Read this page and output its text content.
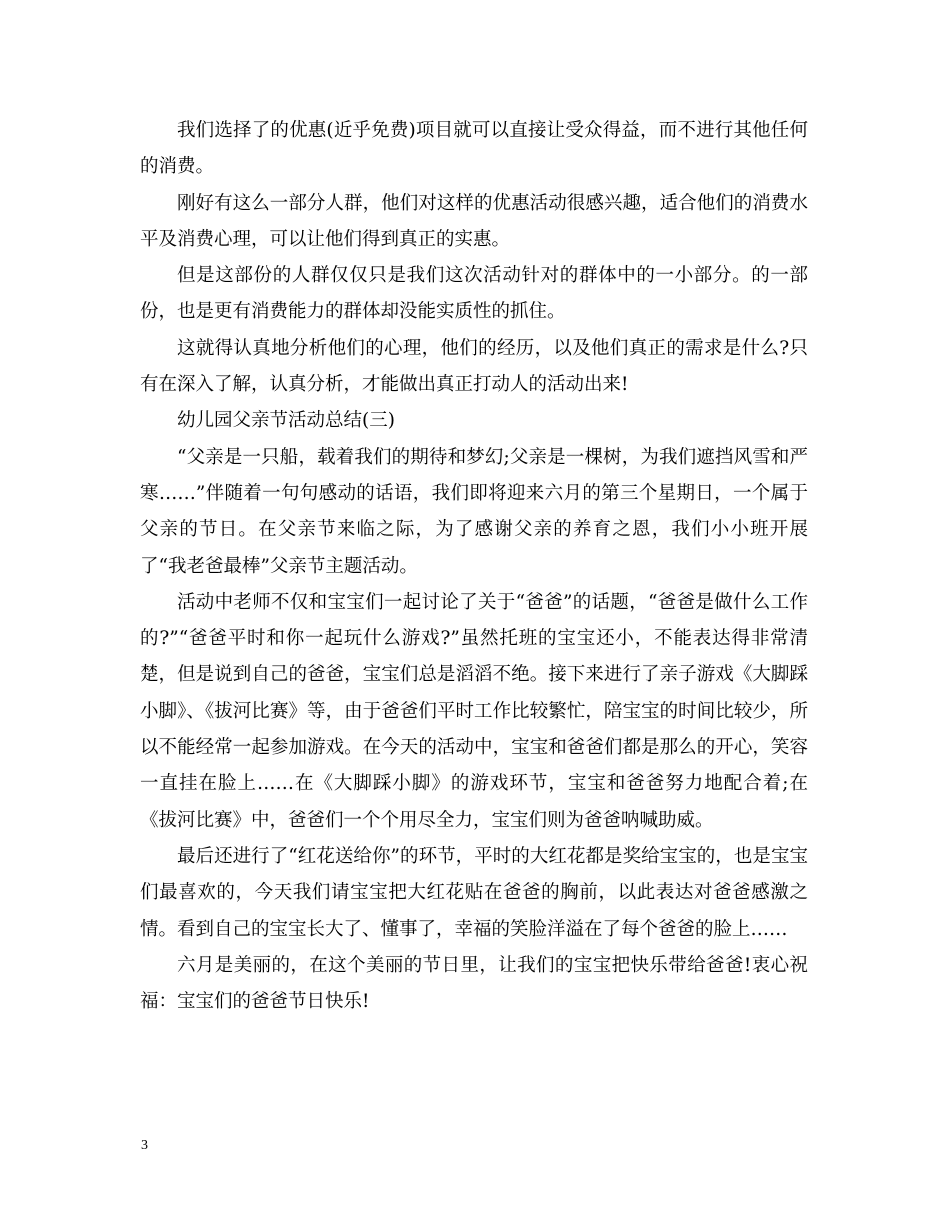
我们选择了的优惠(近乎免费)项目就可以直接让受众得益，而不进行其他任何的消费。

刚好有这么一部分人群，他们对这样的优惠活动很感兴趣，适合他们的消费水平及消费心理，可以让他们得到真正的实惠。

但是这部份的人群仅仅只是我们这次活动针对的群体中的一小部分。的一部份，也是更有消费能力的群体却没能实质性的抓住。

这就得认真地分析他们的心理，他们的经历，以及他们真正的需求是什么?只有在深入了解，认真分析，才能做出真正打动人的活动出来!

幼儿园父亲节活动总结(三)

“父亲是一只船，载着我们的期待和梦幻;父亲是一棵树，为我们遮挡风雪和严寒……”伴随着一句句感动的话语，我们即将迎来六月的第三个星期日，一个属于父亲的节日。在父亲节来临之际，为了感谢父亲的养育之恩，我们小小班开展了“我老爸最棒”父亲节主题活动。

活动中老师不仅和宝宝们一起讨论了关于“爸爸”的话题，“爸爸是做什么工作的?”“爸爸平时和你一起玩什么游戏?”虽然托班的宝宝还小，不能表达得非常清楚，但是说到自己的爸爸，宝宝们总是滔滔不绝。接下来进行了亲子游戏《大脚踩小脚》、《拔河比赛》等，由于爸爸们平时工作比较繁忙，陪宝宝的时间比较少，所以不能经常一起参加游戏。在今天的活动中，宝宝和爸爸们都是那么的开心，笑容一直挂在脸上……在《大脚踩小脚》的游戏环节，宝宝和爸爸努力地配合着;在《拔河比赛》中，爸爸们一个个用尽全力，宝宝们则为爸爸呐喊助威。

最后还进行了“红花送给你”的环节，平时的大红花都是奖给宝宝的，也是宝宝们最喜欢的，今天我们请宝宝把大红花贴在爸爸的胸前，以此表达对爸爸感激之情。看到自己的宝宝长大了、懂事了，幸福的笑脸洋溢在了每个爸爸的脸上……

六月是美丽的，在这个美丽的节日里，让我们的宝宝把快乐带给爸爸!衷心祝福：宝宝们的爸爸节日快乐!

3
